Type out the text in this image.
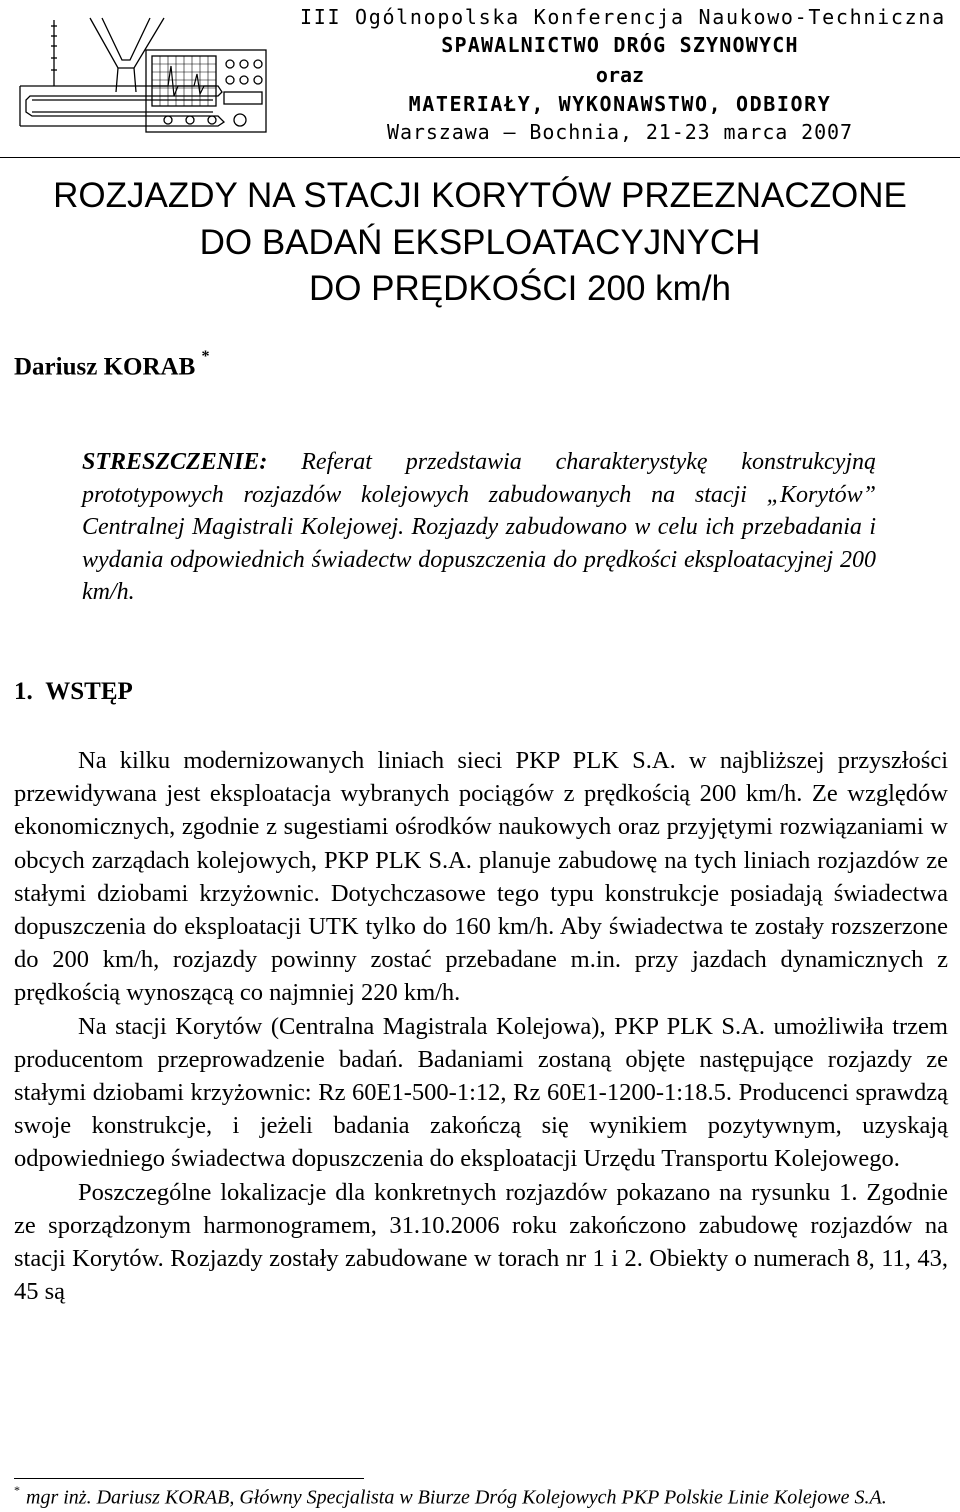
III Ogólnopolska Konferencja Naukowo-Techniczna
SPAWALNICTWO DRÓG SZYNOWYCH
oraz
MATERIAŁY, WYKONAWSTWO, ODBIORY
Warszawa – Bochnia, 21-23 marca 2007
ROZJAZDY NA STACJI KORYTÓW PRZEZNACZONE
DO BADAŃ EKSPLOATACYJNYCH
DO PRĘDKOŚCI 200 km/h
Dariusz KORAB *
STRESZCZENIE: Referat przedstawia charakterystykę konstrukcyjną prototypowych rozjazdów kolejowych zabudowanych na stacji „Korytów” Centralnej Magistrali Kolejowej. Rozjazdy zabudowano w celu ich przebadania i wydania odpowiednich świadectw dopuszczenia do prędkości eksploatacyjnej 200 km/h.
1.  WSTĘP

Na kilku modernizowanych liniach sieci PKP PLK S.A. w najbliższej przyszłości przewidywana jest eksploatacja wybranych pociągów z prędkością 200 km/h. Ze względów ekonomicznych, zgodnie z sugestiami ośrodków naukowych oraz przyjętymi rozwiązaniami w obcych zarządach kolejowych, PKP PLK S.A. planuje zabudowę na tych liniach rozjazdów ze stałymi dziobami krzyżownic. Dotychczasowe tego typu konstrukcje posiadają świadectwa dopuszczenia do eksploatacji UTK tylko do 160 km/h. Aby świadectwa te zostały rozszerzone do 200 km/h, rozjazdy powinny zostać przebadane m.in. przy jazdach dynamicznych z prędkością wynoszącą co najmniej 220 km/h.

Na stacji Korytów (Centralna Magistrala Kolejowa), PKP PLK S.A. umożliwiła trzem producentom przeprowadzenie badań. Badaniami zostaną objęte następujące rozjazdy ze stałymi dziobami krzyżownic: Rz 60E1-500-1:12, Rz 60E1-1200-1:18.5. Producenci sprawdzą swoje konstrukcje, i jeżeli badania zakończą się wynikiem pozytywnym, uzyskają odpowiedniego świadectwa dopuszczenia do eksploatacji Urzędu Transportu Kolejowego.

Poszczególne lokalizacje dla konkretnych rozjazdów pokazano na rysunku 1. Zgodnie ze sporządzonym harmonogramem, 31.10.2006 roku zakończono zabudowę rozjazdów na stacji Korytów. Rozjazdy zostały zabudowane w torach nr 1 i 2. Obiekty o numerach 8, 11, 43, 45 są

* mgr inż. Dariusz KORAB, Główny Specjalista w Biurze Dróg Kolejowych PKP Polskie Linie Kolejowe S.A.
